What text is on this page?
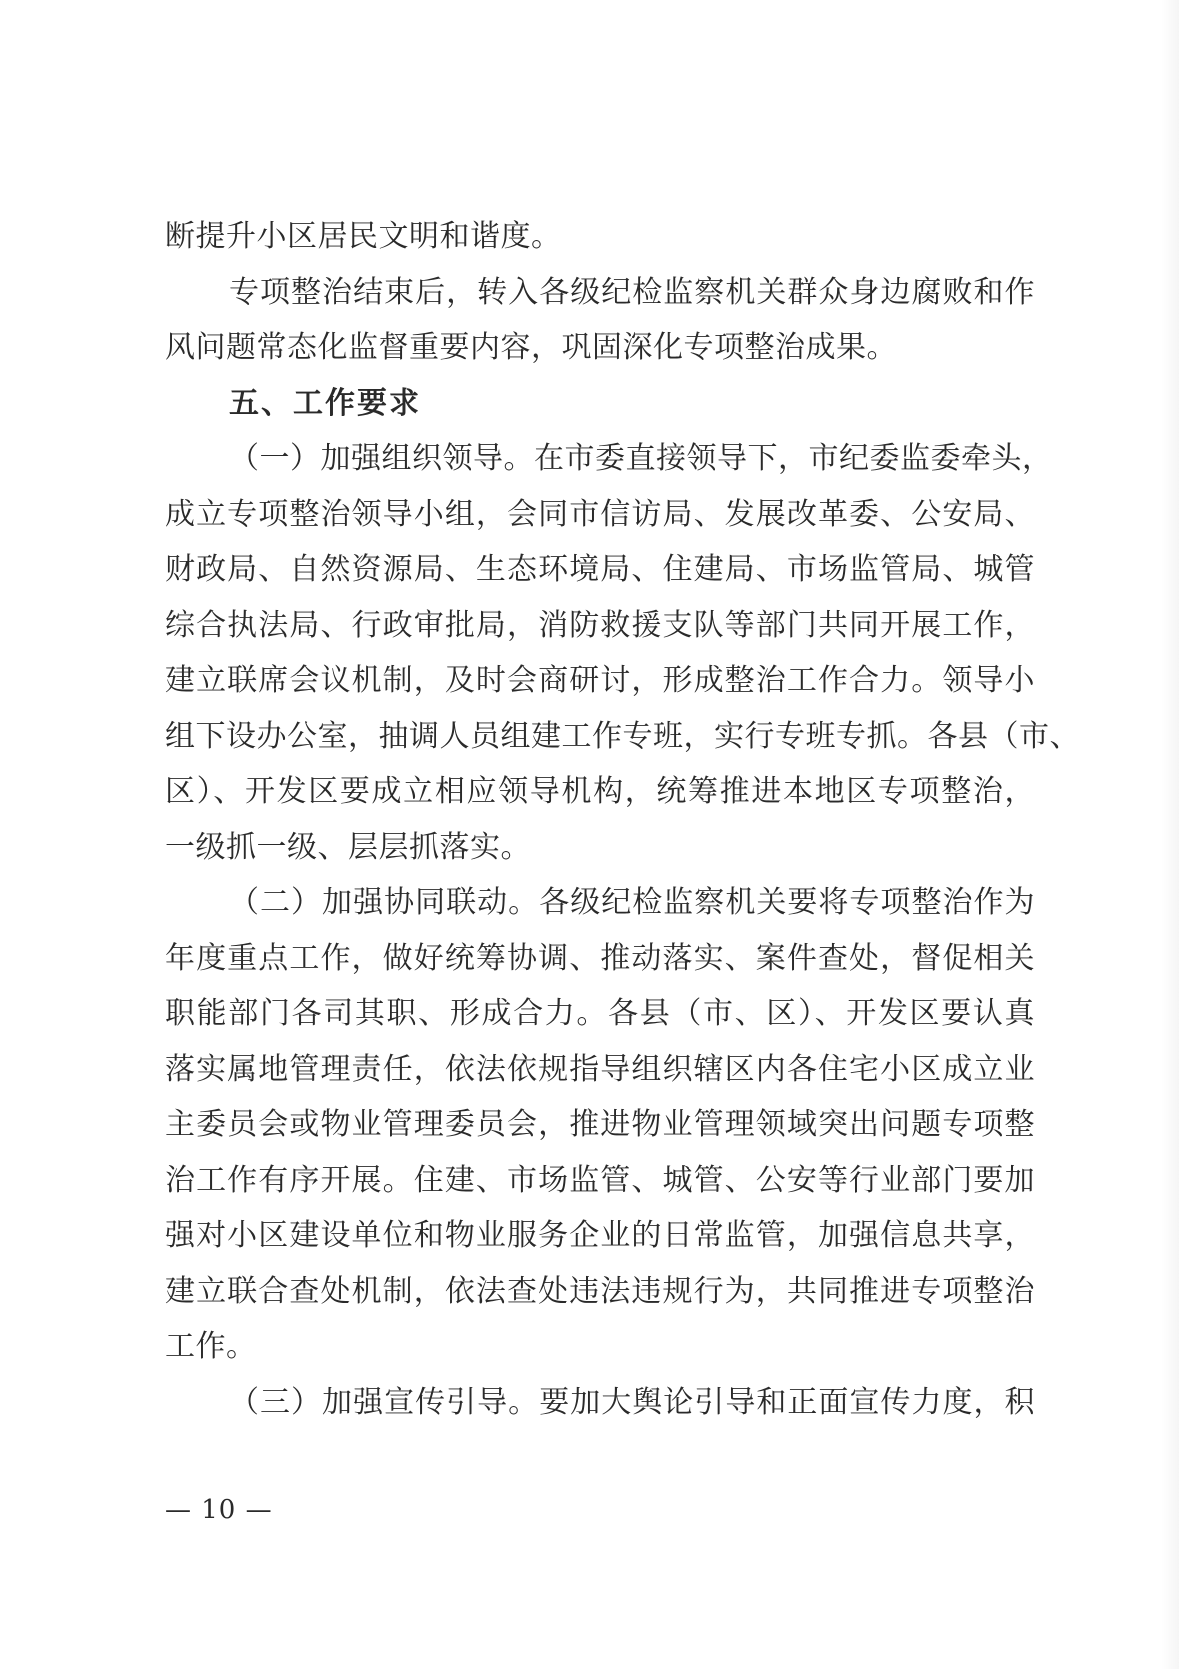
断提升小区居民文明和谐度。
专项整治结束后，转入各级纪检监察机关群众身边腐败和作
风问题常态化监督重要内容，巩固深化专项整治成果。
五、工作要求
（一）加强组织领导。在市委直接领导下，市纪委监委牵头，
成立专项整治领导小组，会同市信访局、发展改革委、公安局、
财政局、自然资源局、生态环境局、住建局、市场监管局、城管
综合执法局、行政审批局，消防救援支队等部门共同开展工作，
建立联席会议机制，及时会商研讨，形成整治工作合力。领导小
组下设办公室，抽调人员组建工作专班，实行专班专抓。各县（市、
区）、开发区要成立相应领导机构，统筹推进本地区专项整治，
一级抓一级、层层抓落实。
（二）加强协同联动。各级纪检监察机关要将专项整治作为
年度重点工作，做好统筹协调、推动落实、案件查处，督促相关
职能部门各司其职、形成合力。各县（市、区）、开发区要认真
落实属地管理责任，依法依规指导组织辖区内各住宅小区成立业
主委员会或物业管理委员会，推进物业管理领域突出问题专项整
治工作有序开展。住建、市场监管、城管、公安等行业部门要加
强对小区建设单位和物业服务企业的日常监管，加强信息共享，
建立联合查处机制，依法查处违法违规行为，共同推进专项整治
工作。
（三）加强宣传引导。要加大舆论引导和正面宣传力度，积
— 10 —
